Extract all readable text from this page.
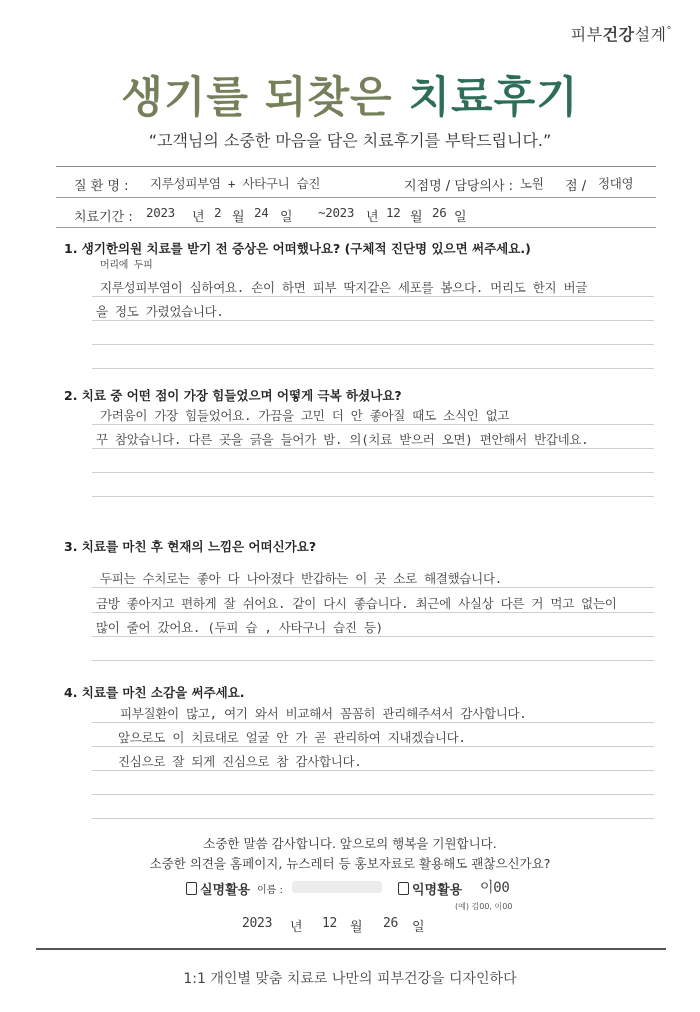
피부건강설계°
생기를 되찾은 치료후기
“고객님의 소중한 마음을 담은 치료후기를 부탁드립니다.”
질 환 명 : 지루성피부염 + 사타구니 습진	지점명 / 담당의사 : 노원 점 / 정대영
치료기간 : 2023 년 2 월 24 일 ~2023 년 12 월 26 일
1. 생기한의원 치료를 받기 전 증상은 어떠했나요? (구체적 진단명 있으면 써주세요.)
머리에 두피
지루성피부염이 심하여요. 손이 하면 피부 딱지같은 세포를 봄으다. 머리도 한지 버글
을 정도 가렸었습니다.
2. 치료 중 어떤 점이 가장 힘들었으며 어떻게 극복 하셨나요?
가려움이 가장 힘들었어요. 가끔을 고민 더 안 좋아질 때도 소식인 없고
꾸 참았습니다. 다른 곳을 긁을 들어가 밤. 의(치료 받으러 오면) 편안해서 반갑네요.
3. 치료를 마친 후 현재의 느낌은 어떠신가요?
두피는 수치로는 좋아 다 나아졌다 반갑하는 이 곳 소로 해결했습니다.
금방 좋아지고 편하게 잘 쉬어요. 같이 다시 좋습니다. 최근에 사실상 다른 거 먹고 없는이
많이 줄어 갔어요. (두피 습 , 사타구니 습진 등)
4. 치료를 마친 소감을 써주세요.
피부질환이 많고, 여기 와서 비교해서 꼼꼼히 관리해주셔서 감사합니다.
앞으로도 이 치료대로 얼굴 안 가 곧 관리하여 지내겠습니다.
진심으로 잘 되게 진심으로 참 감사합니다.
소중한 말씀 감사합니다. 앞으로의 행복을 기원합니다.
소중한 의견을 홈페이지, 뉴스레터 등 홍보자료로 활용해도 괜찮으신가요?
실명활용 이름 :	익명활용 이00
(예) 김00, 이00
2023 년 12 월 26 일
1:1 개인별 맞춤 치료로 나만의 피부건강을 디자인하다
